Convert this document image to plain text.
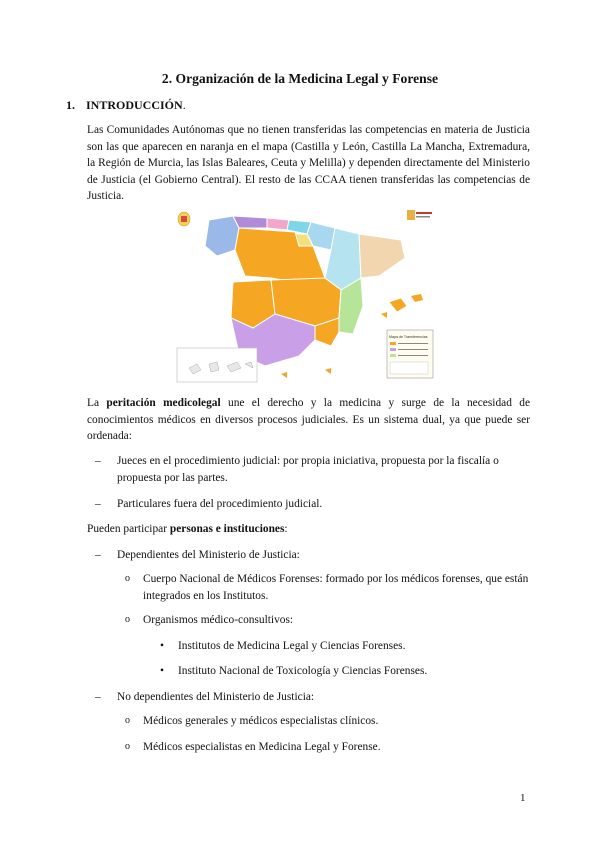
2. Organización de la Medicina Legal y Forense
1. INTRODUCCIÓN.

Las Comunidades Autónomas que no tienen transferidas las competencias en materia de Justicia son las que aparecen en naranja en el mapa (Castilla y León, Castilla La Mancha, Extremadura, la Región de Murcia, las Islas Baleares, Ceuta y Melilla) y dependen directamente del Ministerio de Justicia (el Gobierno Central). El resto de las CCAA tienen transferidas las competencias de Justicia.

Mapa de Transferencias

La peritación medicolegal une el derecho y la medicina y surge de la necesidad de conocimientos médicos en diversos procesos judiciales. Es un sistema dual, ya que puede ser ordenada:

– Jueces en el procedimiento judicial: por propia iniciativa, propuesta por la fiscalía o propuesta por las partes.
– Particulares fuera del procedimiento judicial.

Pueden participar personas e instituciones:

– Dependientes del Ministerio de Justicia:
o Cuerpo Nacional de Médicos Forenses: formado por los médicos forenses, que están integrados en los Institutos.
o Organismos médico-consultivos:
• Institutos de Medicina Legal y Ciencias Forenses.
• Instituto Nacional de Toxicología y Ciencias Forenses.
– No dependientes del Ministerio de Justicia:
o Médicos generales y médicos especialistas clínicos.
o Médicos especialistas en Medicina Legal y Forense.
1
